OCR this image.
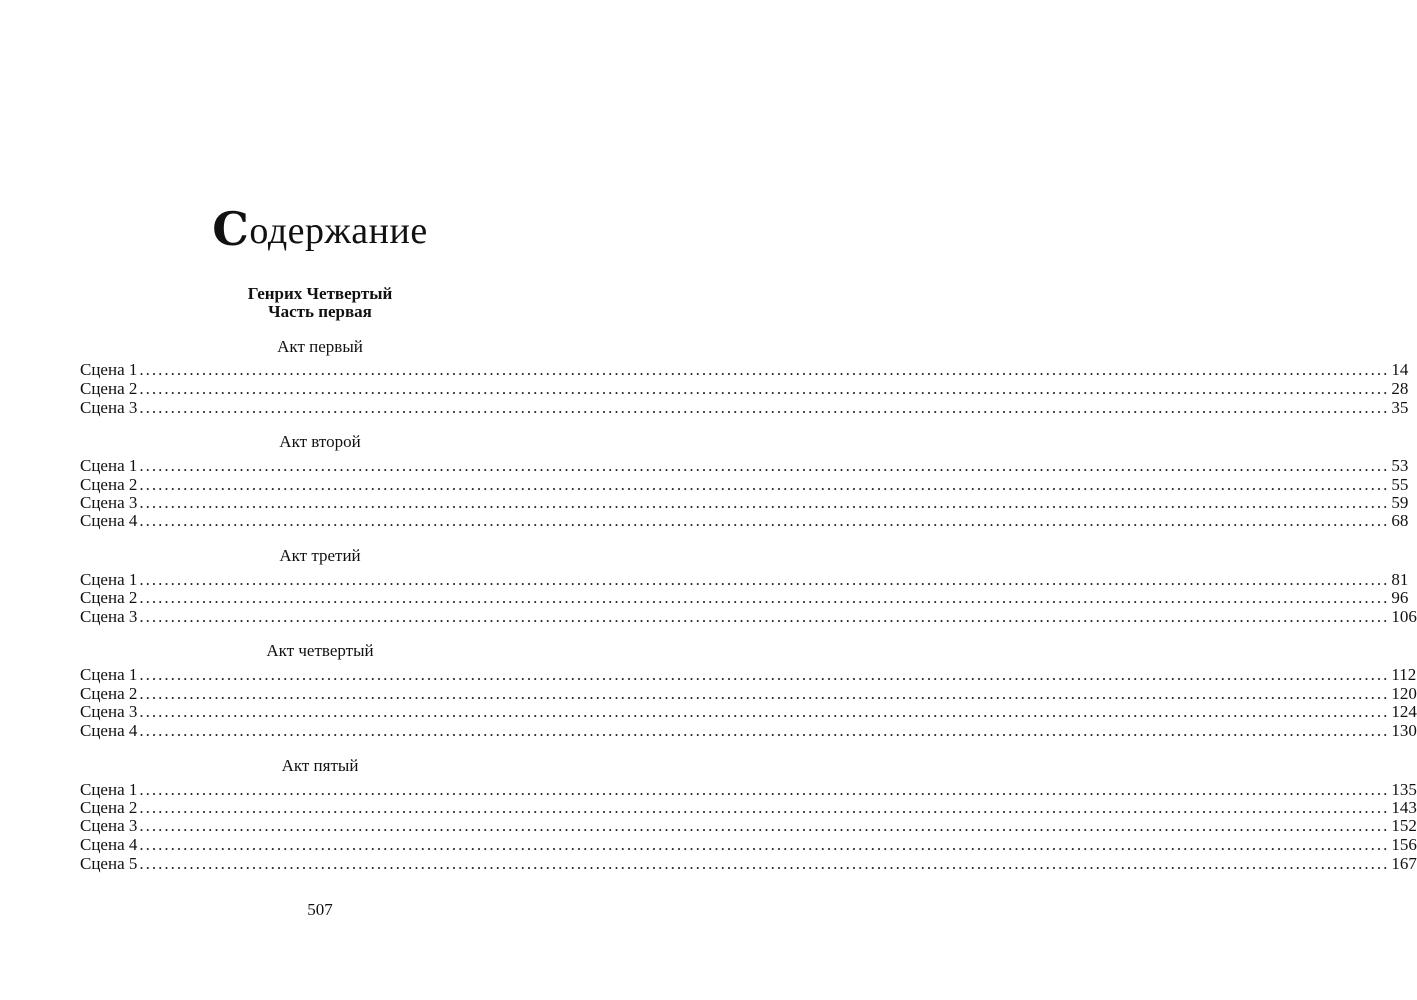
Содержание
Генрих Четвертый
Часть первая
Акт первый
Сцена 1 ........................................................................................................................................................................................................ 14
Сцена 2 ........................................................................................................................................................................................................ 28
Сцена 3 ........................................................................................................................................................................................................ 35
Акт второй
Сцена 1 ........................................................................................................................................................................................................ 53
Сцена 2 ........................................................................................................................................................................................................ 55
Сцена 3 ........................................................................................................................................................................................................ 59
Сцена 4 ........................................................................................................................................................................................................ 68
Акт третий
Сцена 1 ........................................................................................................................................................................................................ 81
Сцена 2 ........................................................................................................................................................................................................ 96
Сцена 3 ........................................................................................................................................................................................................ 106
Акт четвертый
Сцена 1 ........................................................................................................................................................................................................ 112
Сцена 2 ........................................................................................................................................................................................................ 120
Сцена 3 ........................................................................................................................................................................................................ 124
Сцена 4 ........................................................................................................................................................................................................ 130
Акт пятый
Сцена 1 ........................................................................................................................................................................................................ 135
Сцена 2 ........................................................................................................................................................................................................ 143
Сцена 3 ........................................................................................................................................................................................................ 152
Сцена 4 ........................................................................................................................................................................................................ 156
Сцена 5 ........................................................................................................................................................................................................ 167
507
